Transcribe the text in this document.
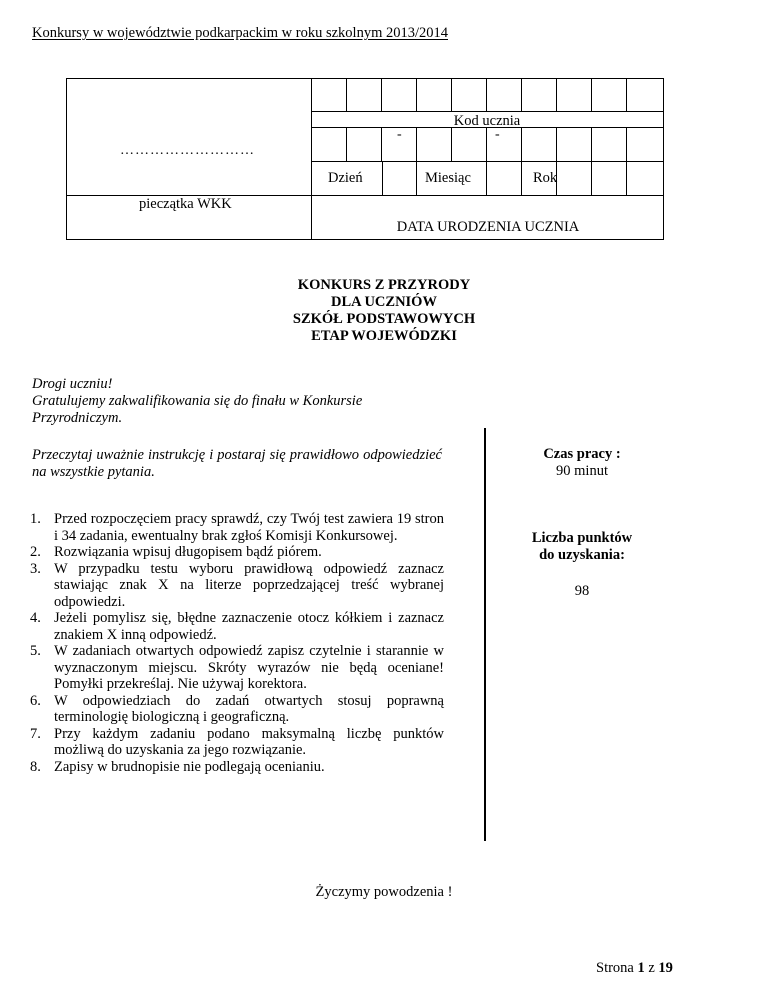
Konkursy w województwie podkarpackim w roku szkolnym 2013/2014
Kod ucznia
-	-
………………………
pieczątka WKK
Dzień	Miesiąc	Rok
DATA URODZENIA UCZNIA
KONKURS Z PRZYRODY
DLA UCZNIÓW
SZKÓŁ PODSTAWOWYCH
ETAP WOJEWÓDZKI
Drogi uczniu!
Gratulujemy zakwalifikowania się do finału w Konkursie
Przyrodniczym.
Przeczytaj uważnie instrukcję i postaraj się prawidłowo odpowiedzieć na wszystkie pytania.
1. Przed rozpoczęciem pracy sprawdź, czy Twój test zawiera 19 stron i 34 zadania, ewentualny brak zgłoś Komisji Konkursowej.
2. Rozwiązania wpisuj długopisem bądź piórem.
3. W przypadku testu wyboru prawidłową odpowiedź zaznacz stawiając znak X na literze poprzedzającej treść wybranej odpowiedzi.
4. Jeżeli pomylisz się, błędne zaznaczenie otocz kółkiem i zaznacz znakiem X inną odpowiedź.
5. W zadaniach otwartych odpowiedź zapisz czytelnie i starannie w wyznaczonym miejscu. Skróty wyrazów nie będą oceniane! Pomyłki przekreślaj. Nie używaj korektora.
6. W odpowiedziach do zadań otwartych stosuj poprawną terminologię biologiczną i geograficzną.
7. Przy każdym zadaniu podano maksymalną liczbę punktów możliwą do uzyskania za jego rozwiązanie.
8. Zapisy w brudnopisie nie podlegają ocenianiu.
Czas pracy :
90 minut
Liczba punktów
do uzyskania:
98
Życzymy powodzenia !
Strona 1 z 19
